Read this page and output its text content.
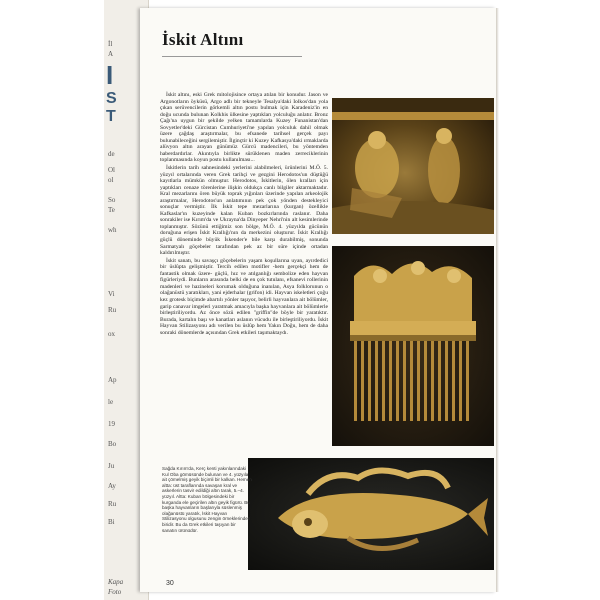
İl
A
I
S
T
de
Ol
ol
So
Te
wh
Vi
Ru
ox
Ap
le
19
Bo
Ju
Ay
Ru
Bi
Kapa
Foto
İskit Altını

İskit altını, eski Grek mitolojisince ortaya atılan bir konudur. Jason ve Argonotların öyküsü, Argo adlı bir tekneyle Tesalya'daki Iolkos'dan yola çıkan serüvencilerin görkemli altın postu bulmak için Karadeniz'in en doğu ucunda bulunan Kolkhis ülkesine yaptıkları yolculuğu anlatır. Bronz Çağı'na uygun bir şekilde yelken tamamlarda Kuzey Funanistan'dan Sovyetler'deki Gürcistan Cumhuriyeti'ne yapılan yolculuk dahil olmak üzere çağdaş araştırmalar, bu efsanede tarihsel gerçek payı bulunabileceğini sergilemiştir. İlginçtir ki Kuzey Kafkasya'daki ırmaklarda alüvyon altın arayan günümüz Gürcü madencileri, bu yöntemden haberdardırlar. Akıntıyla birlikte sürüklenen maden zerreciklerinin toplanmasında koyun postu kullanılması...

İskitlerin tarih sahnesindeki yerlerini alabilmeleri, ürünlerini M.Ö. 5. yüzyıl ortalarında veren Grek tarihçi ve gezgini Herodotos'un düştüğü kayıtlarla mümkün olmuştur. Herodotos, İskitlerin, ölen kralları için yaptıkları cenaze törenlerine ilişkin oldukça canlı bilgiler aktarmaktadır. Kral mezarlarını ören büyük toprak yığınları üzerinde yapılan arkeolojik araştırmalar, Herodotos'un anlatımının pek çok yönden destekleyici sonuçlar vermiştir. İlk İskit tepe mezarlarına (kurgan) özellikle Kafkaslar'ın kuzeyinde kalan Kuban bozkırlarında raslanır. Daha sonrakiler ise Kırım'da ve Ukrayna'da Dinyeper Nehri'nin alt kesimlerinde toplanmıştır. Sözünü ettiğimiz son bölge, M.Ö. 4. yüzyılda gücünün doruğuna erişen İskit Krallığı'nın da merkezini oluşturur. İskit Krallığı güçlü döneminde büyük İskender'e bile karşı durabilmiş, sonunda Sarmatyalı göçebeler tarafından pek az bir süre içinde ortadan kaldırılmıştır.

İskit sanatı, bu savaşçı göçebelerin yaşam koşullarına uyan, ayırdedici bir üslûpta gelişmiştir. Tercih edilen motifler -hem gerçekçi hem de fantastik olmak üzere- güçlü, hız ve atılganlığı sembolize eden hayvan figürleriydi. Bunların arasında belki de en çok tutulanı, efsanevi rollerinin madenleri ve hazineleri korumak olduğuna inanılan, Asya folklorunun o olağanüstü yaratıkları, yani ejderhalar (grifon) idi. Hayvan iskeletleri çoğu kez grotesk biçimde abartılı yönler taşıyor, belirli hayvanlara ait bölümler, garip canavar imgeleri yaratmak amacıyla başka hayvanlara ait bölümlerle birleştiriliyordu. Az önce sözü edilen "griffin"de böyle bir yaratıktır. Burada, kartalın başı ve kanatları aslanın vücudu ile birleştiriliyordu. İskit Hayvan Stilizasyonu adı verilen bu üslûp hem Yakın Doğu, hem de daha sonraki dönemlerde açısından Grek etkileri taşımaktaydı.

Sağda Kırım'da, Kerç kenti yakınlarındaki Kul Oba gömüsünde bulunan ve 4. yüzyıla ait çömelmiş geyik biçimli bir kalkan. Hemen altta: üst taraflarında savaşan kral ve askerlerin tasvir edildiği altın tarak, 5.–4. yüzyıl. Altta: Kuban bölgesindeki bir kurganda ele geçirilen altın geyik figürü. Bu başka hayvanların başlarıyla süslenmiş olağanüstü yaratık, İskit Hayvan Stilizasyonu olgusunu zengin örneklerinden biridir. Bu da Grek etkileri taşıyan bir sanatın ürünüdür.
30
